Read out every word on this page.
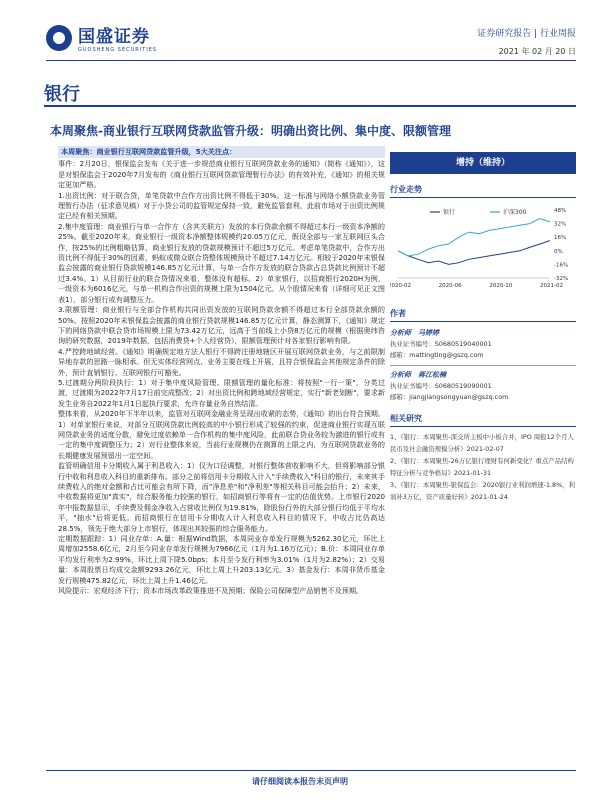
国盛证券
GUOSHENG SECURITIES
证券研究报告 | 行业周报
2021 年 02 月 20 日
银行
本周聚焦-商业银行互联网贷款监管升级：明确出资比例、集中度、限额管理
本周聚焦：商业银行互联网贷款监管升级，5大关注点：

事件：2月20日，银保监会发布《关于进一步规范商业银行互联网贷款业务的通知》（简称《通知》），这是对银保监会于2020年7月发布的《商业银行互联网贷款管理暂行办法》的有效补充，《通知》的相关规定更加严格。

1.出资比例：对于联合贷，单笔贷款中合作方出资比例不得低于30%。这一标准与网络小额贷款业务管理暂行办法（征求意见稿）对于小贷公司的监管规定保持一致，避免监管套利，此前市场对于出资比例规定已经有相关预期。

2.集中度管理：商业银行与单一合作方（含其关联方）发放的本行贷款余额不得超过本行一级资本净额的25%。截至2020年末，商业银行一级资本净额整体规模约20.05万亿元，假设全部与一家互联网巨头合作，按25%的比例粗略估算，商业银行发放的贷款规模预计不超过5万亿元。考虑单笔贷款中，合作方出资比例不得低于30%的因素，蚂蚁或微众联合贷整体规模预计不超过7.14万亿元。相较于2020年末银保监会披露的商业银行贷款规模146.85万亿元计算，与单一合作方发放的联合贷款占总贷款比例预计不超过3.4%。1）从目前行业的联合贷情况来看，整体没有超标。2）单家银行，以招商银行2020H为例，一级资本为6016亿元，与单一机构合作出资的规模上限为1504亿元。从个股情况来看（详细可见正文图表1），部分银行或有调整压力。

3.限额管理：商业银行与全部合作机构共同出资发放的互联网贷款余额不得超过本行全部贷款余额的50%。按照2020年末银保监会披露的商业银行贷款规模146.85万亿元计算，静态测算下，《通知》规定下的网络贷款中联合贷市场规模上限为73.42万亿元，远高于当前线上小贷8万亿元的规模（根据奥纬咨询的研究数据，2019年数据，包括消费贷+个人经营贷），限额管理预计对各家银行影响有限。

4.严控跨地域经营。《通知》明确规定地方法人银行不得跨注册地辖区开展互联网贷款业务，与之前限制异地存款的思路一脉相承。但无实体经营网点、业务主要在线上开展，且符合银保监会其他规定条件的除外，预计直销银行、互联网银行可豁免。

5.过渡期分两阶段执行：1）对于集中度风险管理、限额管理的量化标准：将按照"一行一策"，分类过渡，过渡期为2022年7月17日前完成整改；2）对出资比例和跨地域经营规定，实行"新老划断"，要求新发生业务自2022年1月1日起执行要求，允许存量业务自然结清。

整体来看，从2020年下半年以来，监管对互联网金融业务呈现出收紧的态势，《通知》的出台符合预期。1）对单家银行来说，对部分互联网贷款比例较高的中小银行形成了较强的约束，促进商业银行实现互联网贷款业务的适度分散，避免过度依赖单一合作机构的集中度风险，此前联合贷业务较为激进的银行或有一定的集中度调整压力；2）对行业整体来说，当前行业规模仍在测算的上限之内，为互联网贷款业务的长期健康发展预留出一定空间。

监管明确信用卡分期收入属于利息收入：1）仅为口径调整，对银行整体营收影响不大，但将影响部分银行中收和利息收入科目的重新排布。部分之前将信用卡分期收入计入"手续费收入"科目的银行，未来其手续费收入的绝对金额和占比可能会有所下降，而"净息差"和"净利差"等相关科目可能会抬升；2）未来，中收数据将更加"真实"，综合服务能力较强的银行，如招商银行等将有一定的估值优势。上市银行2020年中报数据显示，手续费及佣金净收入占营收比例仅为19.81%，除股份行外的大部分银行均低于平均水平，"抽水"后将更低。而招商银行在信用卡分期收入计入利息收入科目的情况下，中收占比仍高达28.5%，领先于绝大部分上市银行，体现出其较强的综合服务能力。

定期数据跟踪：1）同业存单：A.量：根据Wind数据，本周同业存单发行规模为5262.30亿元，环比上周增加2558.6亿元，2月至今同业存单发行规模为7966亿元（1月为1.16万亿元）；B.价：本周同业存单平均发行利率为2.99%，环比上周下降5.0bps；本月至今发行利率为3.01%（1月为2.82%）；2）交易量：本周股票日均成交金额9293.26亿元，环比上周上升203.13亿元。3）基金发行：本周非货币基金发行规模475.82亿元，环比上周上升1.46亿元。

风险提示：宏观经济下行；资本市场改革政策推进不及预期；保险公司保障型产品销售不及预期。

增持（维持）
行业走势
48%
32%
16%
0%
-16%
-32%
2020-02	2020-06	2020-10	2021-02
银行	沪深300
作者
分析师　马婷婷
执业证书编号：S0680519040001
邮箱：mattingting@gszq.com
分析师　蒋江松楠
执业证书编号：S0680519090001
邮箱：jiangjiangsongyuan@gszq.com
相关研究
1、《银行：本周聚焦-深交所主板中小板合并，IPO 周报12个月人民币及社会融资规模分析》2021-02-07
2、《银行：本周聚焦-26万亿银行理财有何新变化？重点产品结构特征分析与竞争格局》2021-01-31
3、《银行：本周聚焦-银保监会：2020银行业利润增速-1.8%，利润补3万亿，资产质量好转》2021-01-24
请仔细阅读本报告末页声明
